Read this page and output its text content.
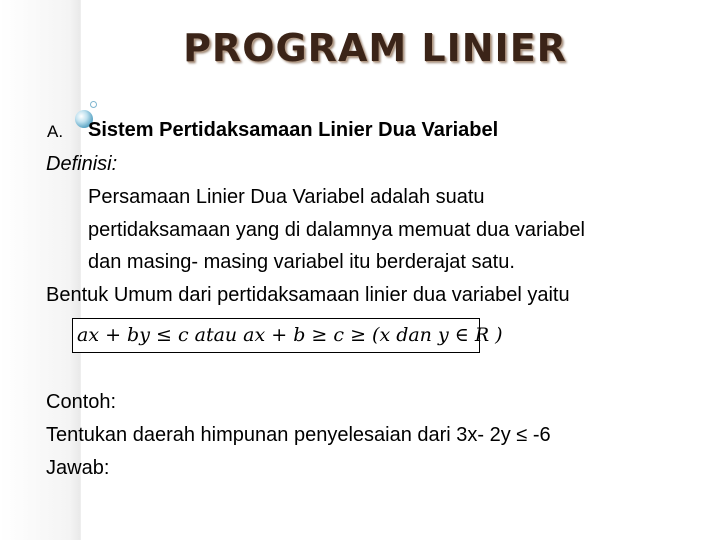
PROGRAM LINIER
A. Sistem Pertidaksamaan Linier Dua Variabel
Definisi:
Persamaan Linier Dua Variabel adalah suatu
pertidaksamaan yang di dalamnya memuat dua variabel
dan masing- masing variabel itu berderajat satu.
Bentuk Umum dari pertidaksamaan linier dua variabel yaitu
ax + by ≤ c atau ax + b ≥ c ≥ (x dan y ∈ R )
Contoh:
Tentukan daerah himpunan penyelesaian dari 3x- 2y ≤ -6
Jawab:
